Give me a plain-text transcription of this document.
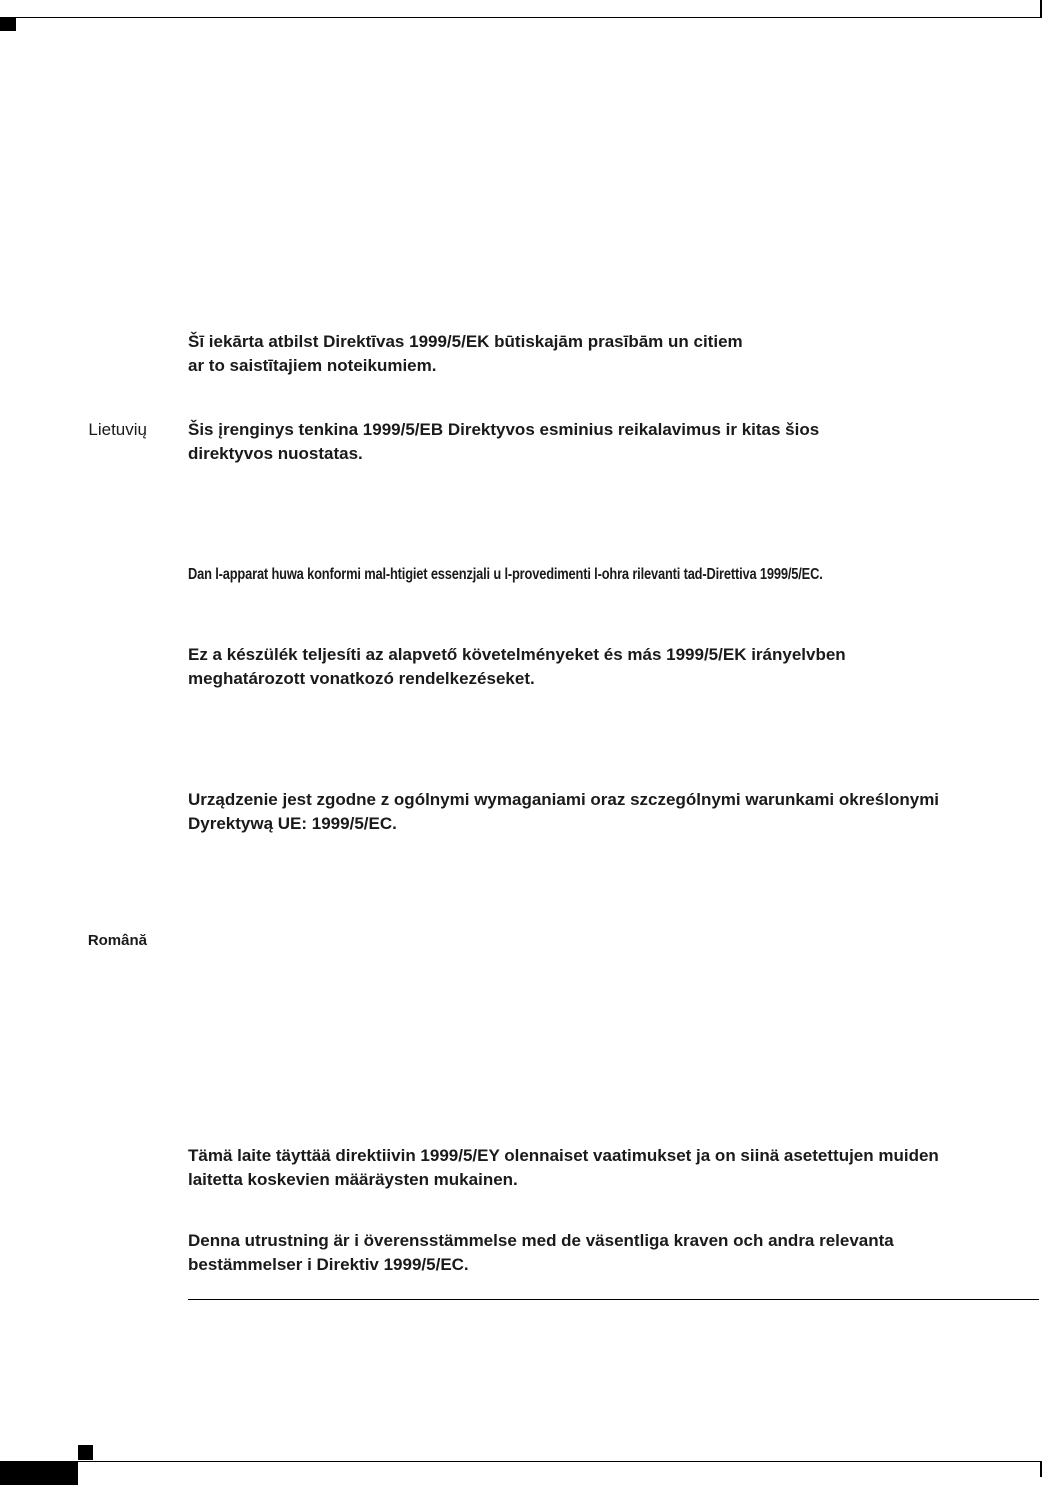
Šī iekārta atbilst Direktīvas 1999/5/EK būtiskajām prasībām un citiem
ar to saistītajiem noteikumiem.
Lietuvių Šis įrenginys tenkina 1999/5/EB Direktyvos esminius reikalavimus ir kitas šios
direktyvos nuostatas.
Dan l-apparat huwa konformi mal-htigiet essenzjali u l-provedimenti l-ohra rilevanti tad-Direttiva 1999/5/EC.
Ez a készülék teljesíti az alapvető követelményeket és más 1999/5/EK irányelvben
meghatározott vonatkozó rendelkezéseket.
Urządzenie jest zgodne z ogólnymi wymaganiami oraz szczególnymi warunkami określonymi
Dyrektywą UE: 1999/5/EC.
Română
Tämä laite täyttää direktiivin 1999/5/EY olennaiset vaatimukset ja on siinä asetettujen muiden
laitetta koskevien määräysten mukainen.
Denna utrustning är i överensstämmelse med de väsentliga kraven och andra relevanta
bestämmelser i Direktiv 1999/5/EC.
